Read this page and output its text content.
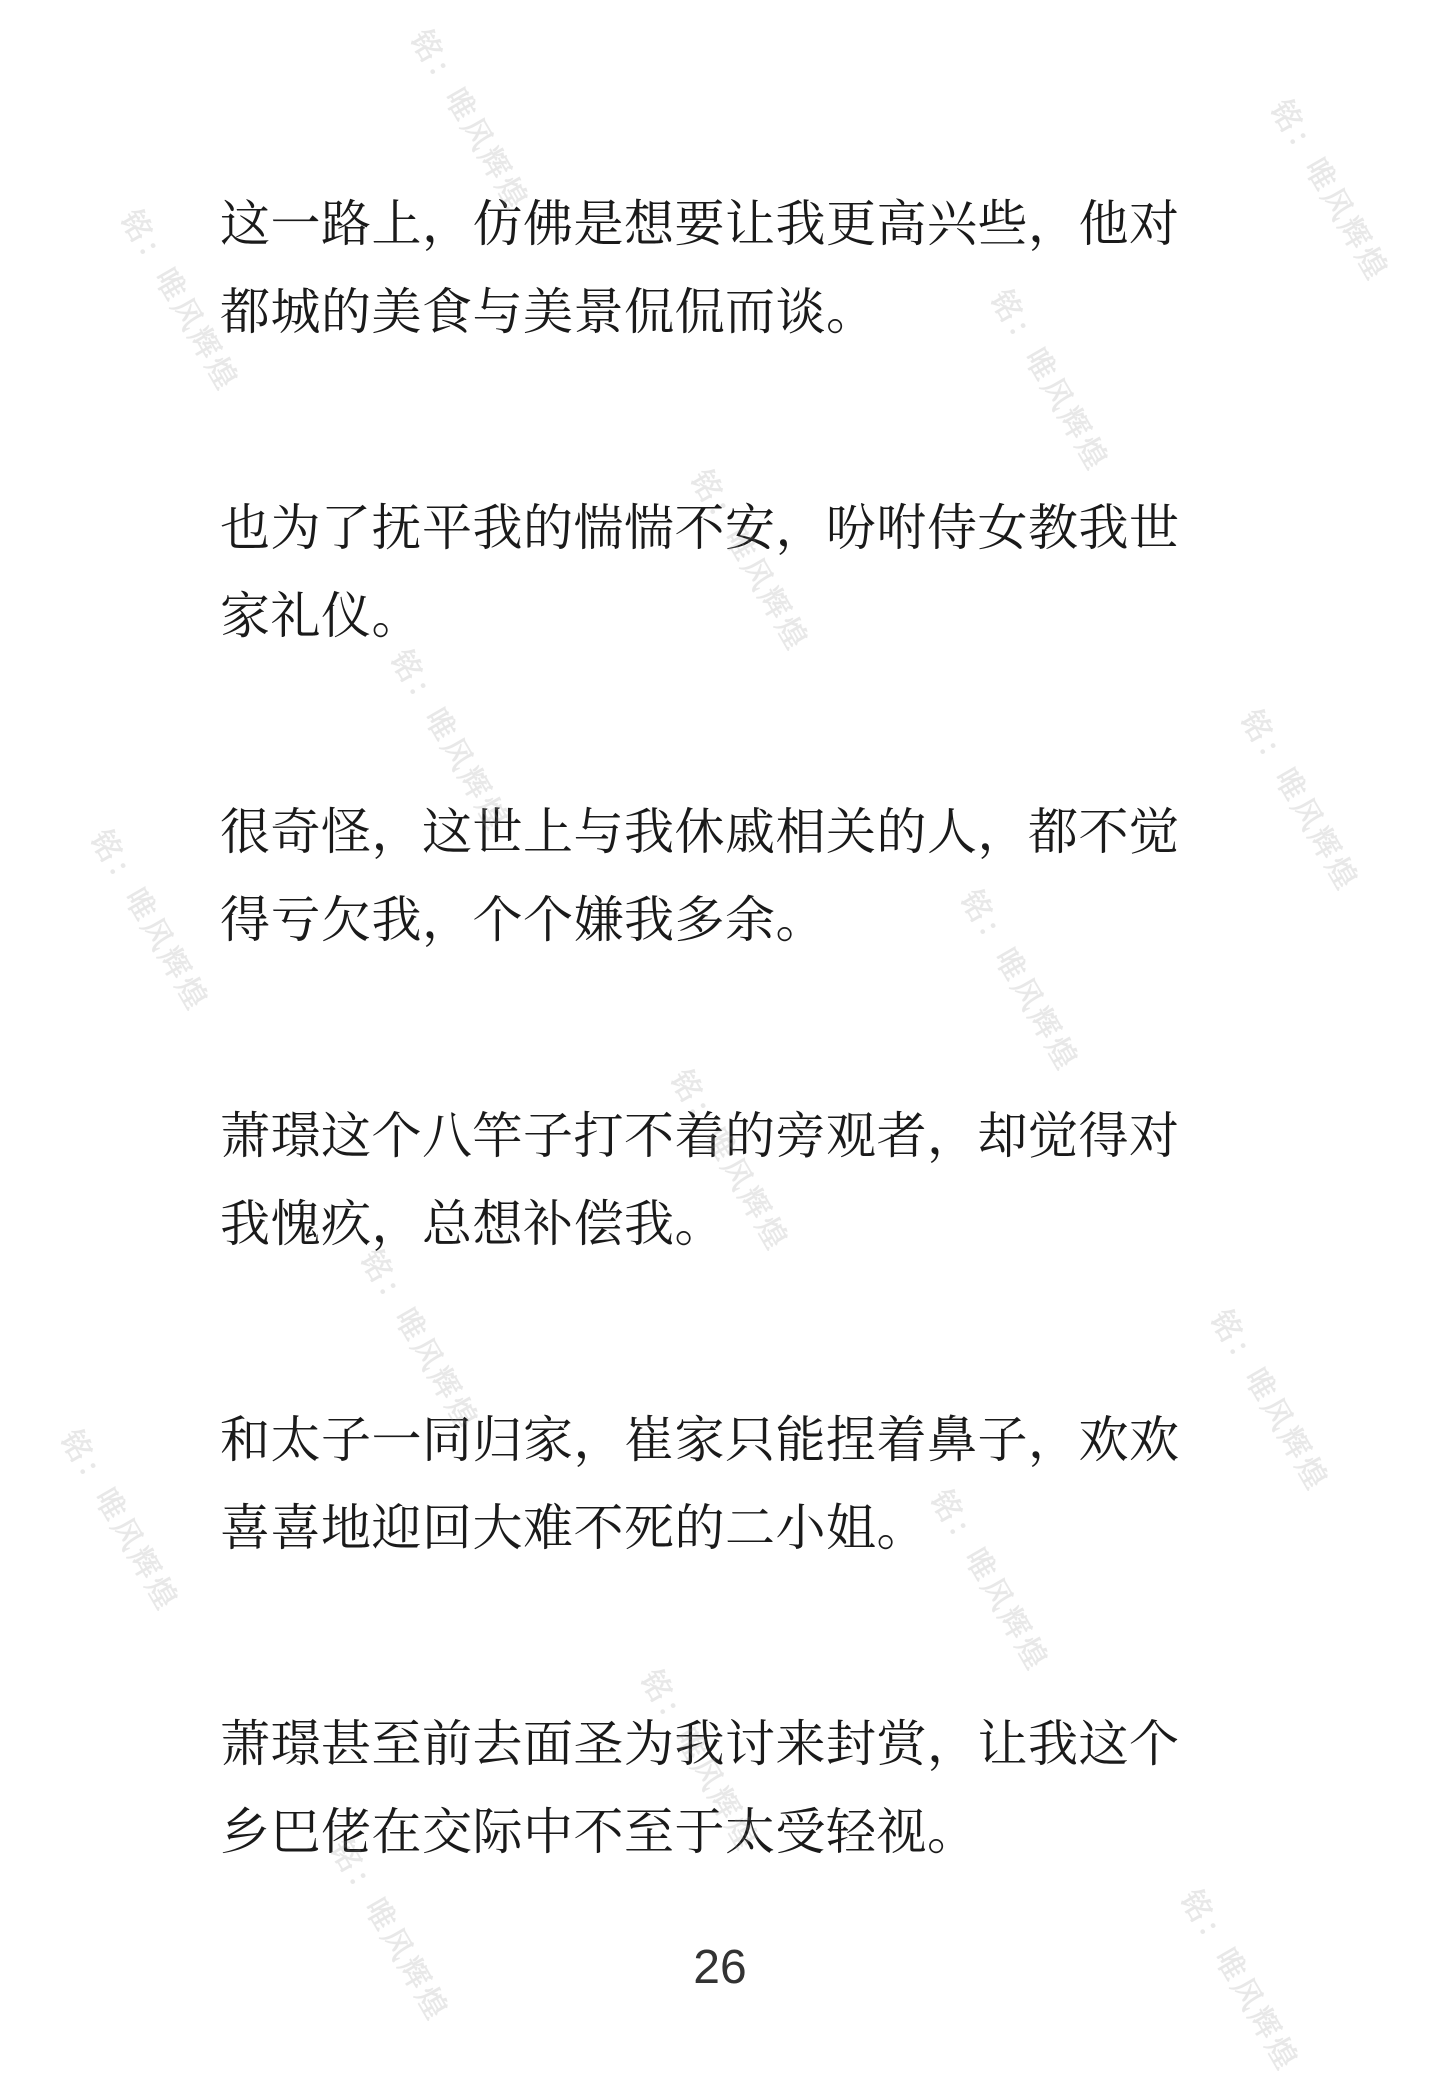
这一路上，仿佛是想要让我更高兴些，他对
都城的美食与美景侃侃而谈。

也为了抚平我的惴惴不安，吩咐侍女教我世
家礼仪。

很奇怪，这世上与我休戚相关的人，都不觉
得亏欠我，个个嫌我多余。

萧璟这个八竿子打不着的旁观者，却觉得对
我愧疚，总想补偿我。

和太子一同归家，崔家只能捏着鼻子，欢欢
喜喜地迎回大难不死的二小姐。

萧璟甚至前去面圣为我讨来封赏，让我这个
乡巴佬在交际中不至于太受轻视。

26
铭：唯风辉煌	铭：唯风辉煌
铭：唯风辉煌	铭：唯风辉煌
铭：唯风辉煌
铭：唯风辉煌	铭：唯风辉煌
铭：唯风辉煌	铭：唯风辉煌
铭：唯风辉煌
铭：唯风辉煌	铭：唯风辉煌
铭：唯风辉煌	铭：唯风辉煌
铭：唯风辉煌
铭：唯风辉煌	铭：唯风辉煌
